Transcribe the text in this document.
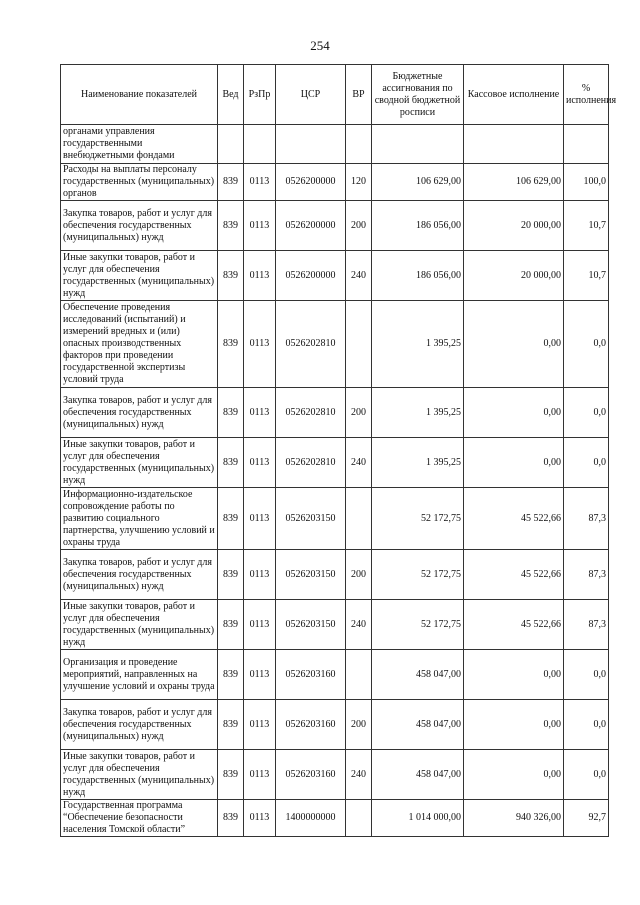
254
Наименование показателей	Вед	РзПр	ЦСР	ВР	Бюджетные ассигнования по сводной бюджетной росписи	Кассовое исполнение	% исполнения
органами управления государственными внебюджетными фондами							
Расходы на выплаты персоналу государственных (муниципальных) органов	839	0113	0526200000	120	106 629,00	106 629,00	100,0
Закупка товаров, работ и услуг для обеспечения государственных (муниципальных) нужд	839	0113	0526200000	200	186 056,00	20 000,00	10,7
Иные закупки товаров, работ и услуг для обеспечения государственных (муниципальных) нужд	839	0113	0526200000	240	186 056,00	20 000,00	10,7
Обеспечение проведения исследований (испытаний) и измерений вредных и (или) опасных производственных факторов при проведении государственной экспертизы условий труда	839	0113	0526202810		1 395,25	0,00	0,0
Закупка товаров, работ и услуг для обеспечения государственных (муниципальных) нужд	839	0113	0526202810	200	1 395,25	0,00	0,0
Иные закупки товаров, работ и услуг для обеспечения государственных (муниципальных) нужд	839	0113	0526202810	240	1 395,25	0,00	0,0
Информационно-издательское сопровождение работы по развитию социального партнерства, улучшению условий и охраны труда	839	0113	0526203150		52 172,75	45 522,66	87,3
Закупка товаров, работ и услуг для обеспечения государственных (муниципальных) нужд	839	0113	0526203150	200	52 172,75	45 522,66	87,3
Иные закупки товаров, работ и услуг для обеспечения государственных (муниципальных) нужд	839	0113	0526203150	240	52 172,75	45 522,66	87,3
Организация и проведение мероприятий, направленных на улучшение условий и охраны труда	839	0113	0526203160		458 047,00	0,00	0,0
Закупка товаров, работ и услуг для обеспечения государственных (муниципальных) нужд	839	0113	0526203160	200	458 047,00	0,00	0,0
Иные закупки товаров, работ и услуг для обеспечения государственных (муниципальных) нужд	839	0113	0526203160	240	458 047,00	0,00	0,0
Государственная программа “Обеспечение безопасности населения Томской области”	839	0113	1400000000		1 014 000,00	940 326,00	92,7
